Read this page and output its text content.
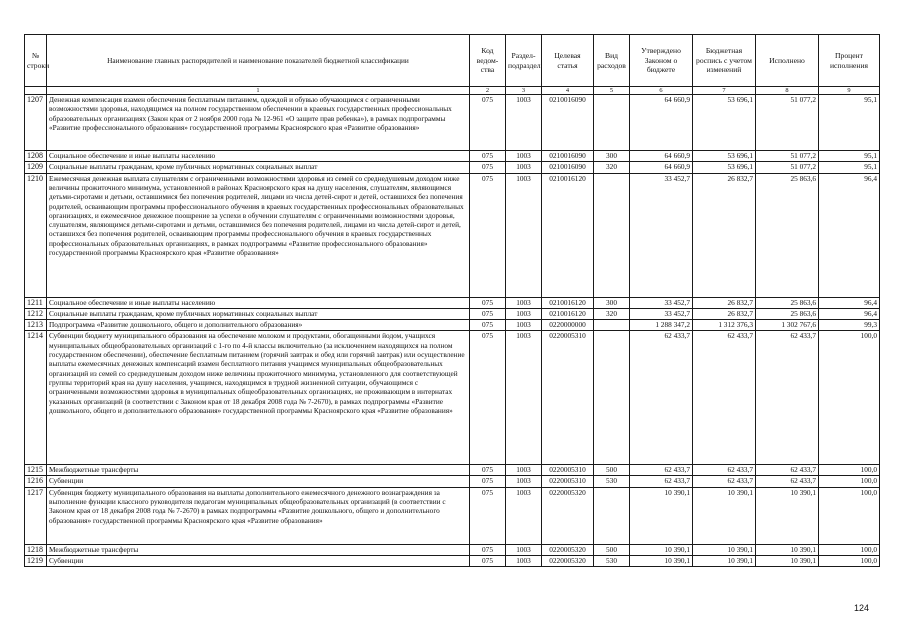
№ строки	Наименование главных распорядителей и наименование показателей бюджетной классификации	Код ведом-ства	Раздел-подраздел	Целевая статья	Вид расходов	Утверждено Законом о бюджете	Бюджетная роспись с учетом изменений	Исполнено	Процент исполнения
	1	2	3	4	5	6	7	8	9
1207	Денежная компенсация взамен обеспечения бесплатным питанием, одеждой и обувью обучающимся с ограниченными возможностями здоровья, находящимся на полном государственном обеспечении в краевых государственных профессиональных образовательных организациях (Закон края от 2 ноября 2000 года № 12-961 «О защите прав ребенка»), в рамках подпрограммы «Развитие профессионального образования» государственной программы Красноярского края «Развитие образования»	075	1003	0210016090		64 660,9	53 696,1	51 077,2	95,1
1208	Социальное обеспечение и иные выплаты населению	075	1003	0210016090	300	64 660,9	53 696,1	51 077,2	95,1
1209	Социальные выплаты гражданам, кроме публичных нормативных социальных выплат	075	1003	0210016090	320	64 660,9	53 696,1	51 077,2	95,1
1210	Ежемесячная денежная выплата слушателям с ограниченными возможностями здоровья из семей со среднедушевым доходом ниже величины прожиточного минимума, установленной в районах Красноярского края на душу населения, слушателям, являющимся детьми-сиротами и детьми, оставшимися без попечения родителей, лицами из числа детей-сирот и детей, оставшихся без попечения родителей, осваивающим программы профессионального обучения в краевых государственных профессиональных образовательных организациях, и ежемесячное денежное поощрение за успехи в обучении слушателям с ограниченными возможностями здоровья, слушателям, являющимся детьми-сиротами и детьми, оставшимися без попечения родителей, лицами из числа детей-сирот и детей, оставшихся без попечения родителей, осваивающим программы профессионального обучения в краевых государственных профессиональных образовательных организациях, в рамках подпрограммы «Развитие профессионального образования» государственной программы Красноярского края «Развитие образования»	075	1003	0210016120		33 452,7	26 832,7	25 863,6	96,4
1211	Социальное обеспечение и иные выплаты населению	075	1003	0210016120	300	33 452,7	26 832,7	25 863,6	96,4
1212	Социальные выплаты гражданам, кроме публичных нормативных социальных выплат	075	1003	0210016120	320	33 452,7	26 832,7	25 863,6	96,4
1213	Подпрограмма «Развитие дошкольного, общего и дополнительного образования»	075	1003	0220000000		1 288 347,2	1 312 376,3	1 302 767,6	99,3
1214	Субвенции бюджету муниципального образования на обеспечение молоком и продуктами, обогащенными йодом, учащихся муниципальных общеобразовательных организаций с 1-го по 4-й классы включительно (за исключением находящихся на полном государственном обеспечении), обеспечение бесплатным питанием (горячий завтрак и обед или горячий завтрак) или осуществление выплаты ежемесячных денежных компенсаций взамен бесплатного питания учащимся муниципальных общеобразовательных организаций из семей со среднедушевым доходом ниже величины прожиточного минимума, установленного для соответствующей группы территорий края на душу населения, учащимся, находящимся в трудной жизненной ситуации, обучающимся с ограниченными возможностями здоровья в муниципальных общеобразовательных организациях, не проживающим в интернатах указанных организаций (в соответствии с Законом края от 18 декабря 2008 года № 7-2670), в рамках подпрограммы «Развитие дошкольного, общего и дополнительного образования» государственной программы Красноярского края «Развитие образования»	075	1003	0220005310		62 433,7	62 433,7	62 433,7	100,0
1215	Межбюджетные трансферты	075	1003	0220005310	500	62 433,7	62 433,7	62 433,7	100,0
1216	Субвенции	075	1003	0220005310	530	62 433,7	62 433,7	62 433,7	100,0
1217	Субвенция бюджету муниципального образования на выплаты дополнительного ежемесячного денежного вознаграждения за выполнение функции классного руководителя педагогам муниципальных общеобразовательных организаций (в соответствии с Законом края от 18 декабря 2008 года № 7-2670) в рамках подпрограммы «Развитие дошкольного, общего и дополнительного образования» государственной программы Красноярского края «Развитие образования»	075	1003	0220005320		10 390,1	10 390,1	10 390,1	100,0
1218	Межбюджетные трансферты	075	1003	0220005320	500	10 390,1	10 390,1	10 390,1	100,0
1219	Субвенции	075	1003	0220005320	530	10 390,1	10 390,1	10 390,1	100,0
124
